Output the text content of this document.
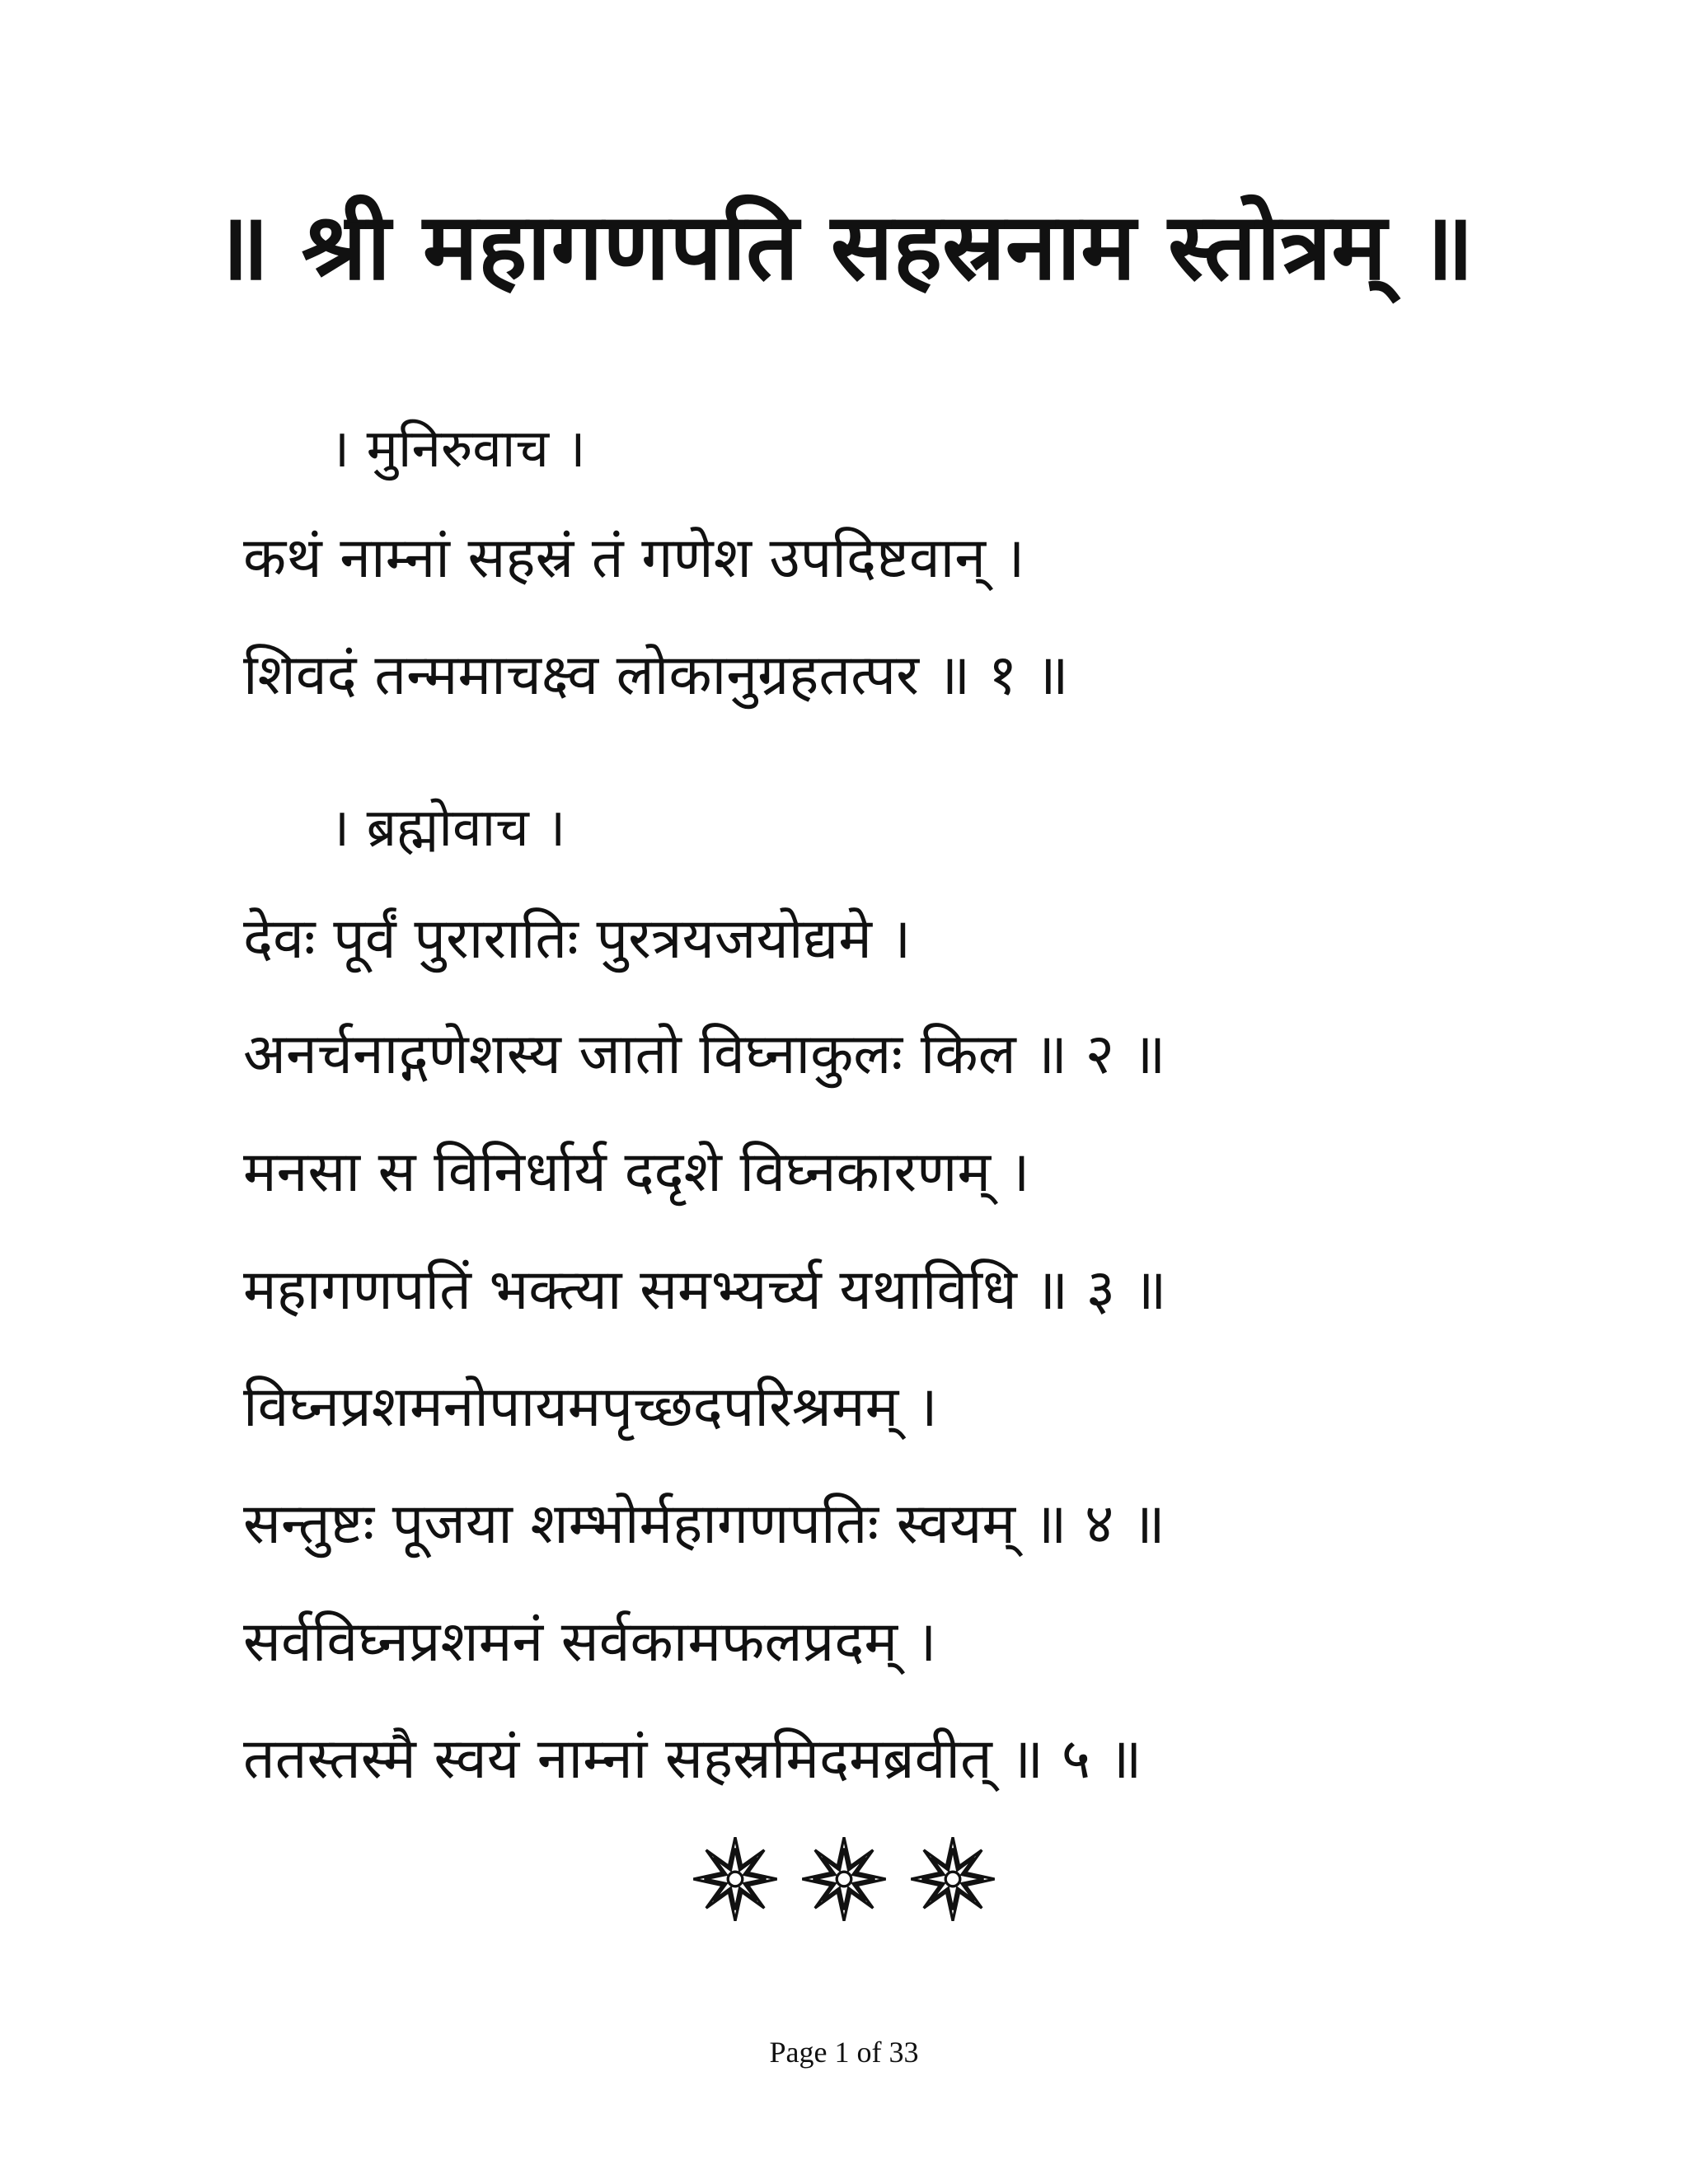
॥ श्री महागणपति सहस्रनाम स्तोत्रम् ॥
। मुनिरुवाच ।
कथं नाम्नां सहस्रं तं गणेश उपदिष्टवान् ।
शिवदं तन्ममाचक्ष्व लोकानुग्रहतत्पर ॥ १ ॥
। ब्रह्मोवाच ।
देवः पूर्वं पुरारातिः पुरत्रयजयोद्यमे ।
अनर्चनाद्गणेशस्य जातो विघ्नाकुलः किल ॥ २ ॥
मनसा स विनिर्धार्य ददृशे विघ्नकारणम् ।
महागणपतिं भक्त्या समभ्यर्च्य यथाविधि ॥ ३ ॥
विघ्नप्रशमनोपायमपृच्छदपरिश्रमम् ।
सन्तुष्टः पूजया शम्भोर्महागणपतिः स्वयम् ॥ ४ ॥
सर्वविघ्नप्रशमनं सर्वकामफलप्रदम् ।
ततस्तस्मै स्वयं नाम्नां सहस्रमिदमब्रवीत् ॥ ५ ॥
Page 1 of 33
